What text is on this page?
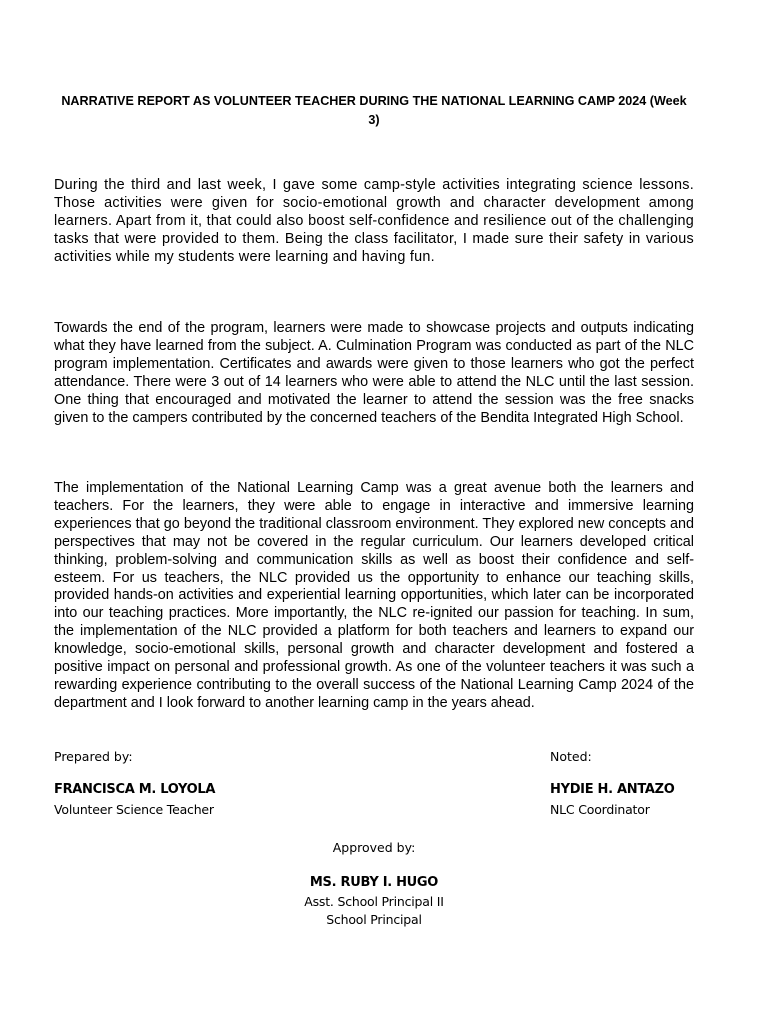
NARRATIVE REPORT AS VOLUNTEER TEACHER DURING THE NATIONAL LEARNING CAMP 2024 (Week 3)

During the third and last week, I gave some camp-style activities integrating science lessons. Those activities were given for socio-emotional growth and character development among learners. Apart from it, that could also boost self-confidence and resilience out of the challenging tasks that were provided to them. Being the class facilitator, I made sure their safety in various activities while my students were learning and having fun.

Towards the end of the program, learners were made to showcase projects and outputs indicating what they have learned from the subject. A. Culmination Program was conducted as part of the NLC program implementation. Certificates and awards were given to those learners who got the perfect attendance. There were 3 out of 14 learners who were able to attend the NLC until the last session. One thing that encouraged and motivated the learner to attend the session was the free snacks given to the campers contributed by the concerned teachers of the Bendita Integrated High School.

The implementation of the National Learning Camp was a great avenue both the learners and teachers. For the learners, they were able to engage in interactive and immersive learning experiences that go beyond the traditional classroom environment. They explored new concepts and perspectives that may not be covered in the regular curriculum. Our learners developed critical thinking, problem-solving and communication skills as well as boost their confidence and self-esteem. For us teachers, the NLC provided us the opportunity to enhance our teaching skills, provided hands-on activities and experiential learning opportunities, which later can be incorporated into our teaching practices. More importantly, the NLC re-ignited our passion for teaching. In sum, the implementation of the NLC provided a platform for both teachers and learners to expand our knowledge, socio-emotional skills, personal growth and character development and fostered a positive impact on personal and professional growth. As one of the volunteer teachers it was such a rewarding experience contributing to the overall success of the National Learning Camp 2024 of the department and I look forward to another learning camp in the years ahead.

Prepared by:
FRANCISCA M. LOYOLA
Volunteer Science Teacher
Noted:
HYDIE H. ANTAZO
NLC Coordinator
Approved by:
MS. RUBY I. HUGO
Asst. School Principal II
School Principal
